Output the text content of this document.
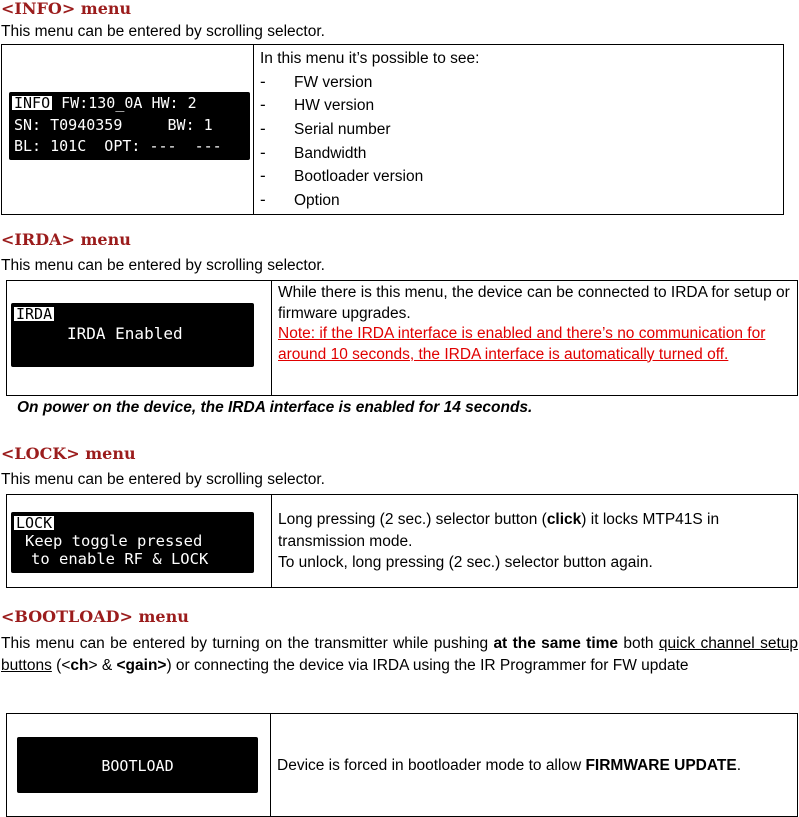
<INFO> menu
This menu can be entered by scrolling selector.
INFO FW:130_0A HW: 2
SN: T0940359     BW: 1
BL: 101C  OPT: ---  ---
In this menu it’s possible to see:
- FW version
- HW version
- Serial number
- Bandwidth
- Bootloader version
- Option
<IRDA> menu
This menu can be entered by scrolling selector.
IRDA
IRDA Enabled
While there is this menu, the device can be connected to IRDA for setup or firmware upgrades.
Note: if the IRDA interface is enabled and there’s no communication for around 10 seconds, the IRDA interface is automatically turned off.
On power on the device, the IRDA interface is enabled for 14 seconds.
<LOCK> menu
This menu can be entered by scrolling selector.
LOCK
Keep toggle pressed
to enable RF & LOCK
Long pressing (2 sec.) selector button (click) it locks MTP41S in transmission mode.
To unlock, long pressing (2 sec.) selector button again.
<BOOTLOAD> menu
This menu can be entered by turning on the transmitter while pushing at the same time both quick channel setup buttons (<ch> & <gain>) or connecting the device via IRDA using the IR Programmer for FW update
BOOTLOAD	Device is forced in bootloader mode to allow FIRMWARE UPDATE.
